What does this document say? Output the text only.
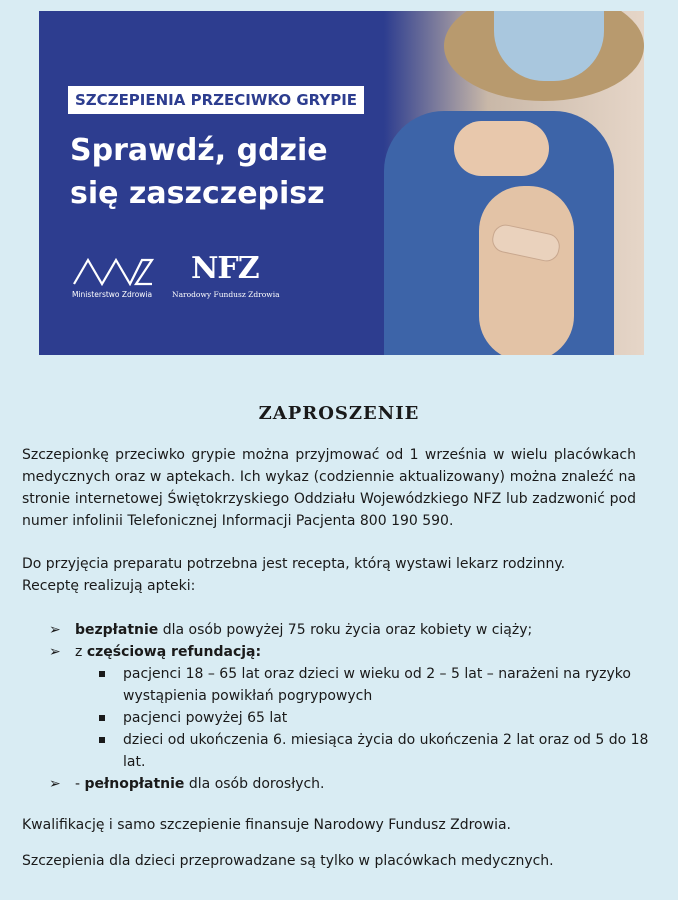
SZCZEPIENIA PRZECIWKO GRYPIE
Sprawdź, gdzie
się zaszczepisz
Ministerstwo Zdrowia
NFZ
Narodowy Fundusz Zdrowia
ZAPROSZENIE

Szczepionkę przeciwko grypie można przyjmować od 1 września w wielu placówkach medycznych oraz w aptekach. Ich wykaz (codziennie aktualizowany) można znaleźć na stronie internetowej Świętokrzyskiego Oddziału Wojewódzkiego NFZ lub zadzwonić pod numer infolinii Telefonicznej Informacji Pacjenta 800 190 590.

Do przyjęcia preparatu potrzebna jest recepta, którą wystawi lekarz rodzinny.
Receptę realizują apteki:
➢ bezpłatnie dla osób powyżej 75 roku życia oraz kobiety w ciąży;
➢ z częściową refundacją:
pacjenci 18 – 65 lat oraz dzieci w wieku od 2 – 5 lat – narażeni na ryzyko wystąpienia powikłań pogrypowych
pacjenci powyżej 65 lat
dzieci od ukończenia 6. miesiąca życia do ukończenia 2 lat oraz od 5 do 18 lat.
➢ - pełnopłatnie dla osób dorosłych.

Kwalifikację i samo szczepienie finansuje Narodowy Fundusz Zdrowia.

Szczepienia dla dzieci przeprowadzane są tylko w placówkach medycznych.
